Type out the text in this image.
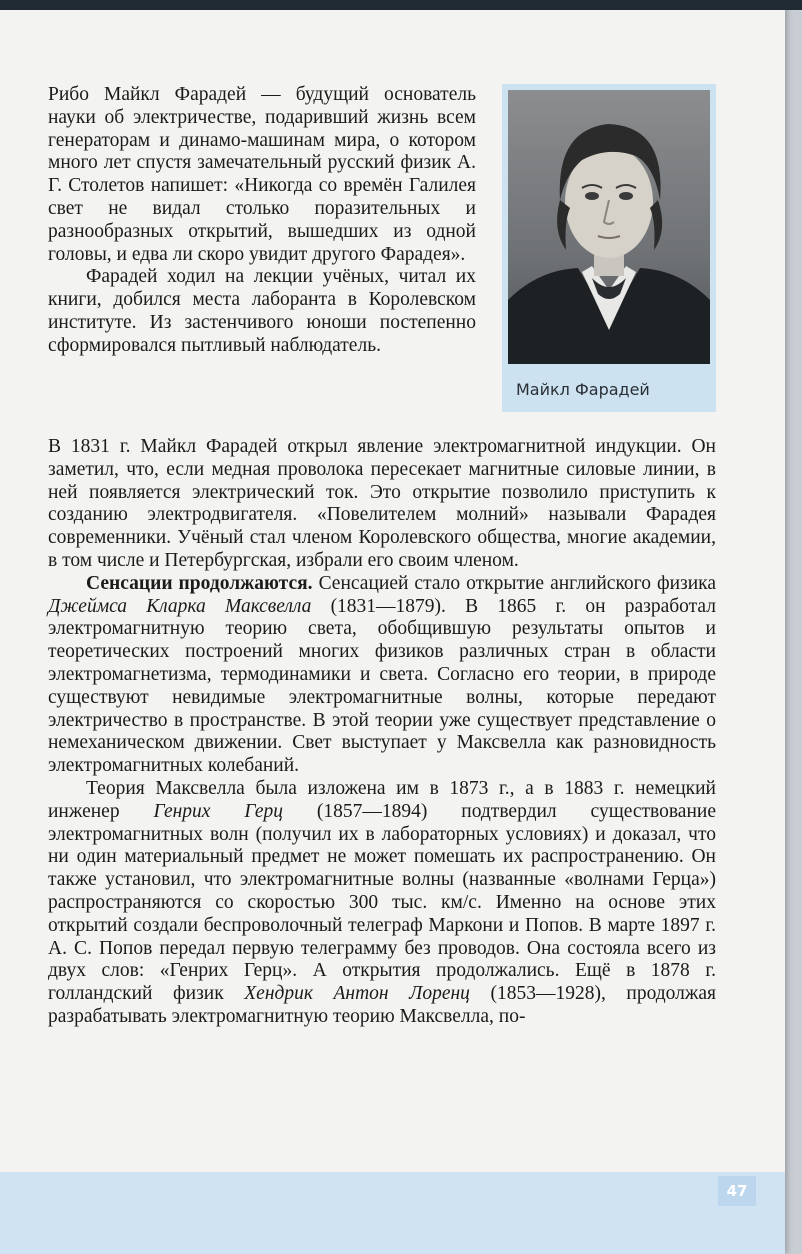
Майкл Фарадей

Рибо Майкл Фарадей — будущий основатель науки об электричестве, подаривший жизнь всем генераторам и динамо-машинам мира, о котором много лет спустя замечательный русский физик А. Г. Столетов напишет: «Никогда со времён Галилея свет не видал столько поразительных и разнообразных открытий, вышедших из одной головы, и едва ли скоро увидит другого Фарадея».

Фарадей ходил на лекции учёных, читал их книги, добился места лаборанта в Королевском институте. Из застенчивого юноши постепенно сформировался пытливый наблюдатель.

В 1831 г. Майкл Фарадей открыл явление электромагнитной индукции. Он заметил, что, если медная проволока пересекает магнитные силовые линии, в ней появляется электрический ток. Это открытие позволило приступить к созданию электродвигателя. «Повелителем молний» называли Фарадея современники. Учёный стал членом Королевского общества, многие академии, в том числе и Петербургская, избрали его своим членом.

Сенсации продолжаются. Сенсацией стало открытие английского физика Джеймса Кларка Максвелла (1831—1879). В 1865 г. он разработал электромагнитную теорию света, обобщившую результаты опытов и теоретических построений многих физиков различных стран в области электромагнетизма, термодинамики и света. Согласно его теории, в природе существуют невидимые электромагнитные волны, которые передают электричество в пространстве. В этой теории уже существует представление о немеханическом движении. Свет выступает у Максвелла как разновидность электромагнитных колебаний.

Теория Максвелла была изложена им в 1873 г., а в 1883 г. немецкий инженер Генрих Герц (1857—1894) подтвердил существование электромагнитных волн (получил их в лабораторных условиях) и доказал, что ни один материальный предмет не может помешать их распространению. Он также установил, что электромагнитные волны (названные «волнами Герца») распространяются со скоростью 300 тыс. км/с. Именно на основе этих открытий создали беспроволочный телеграф Маркони и Попов. В марте 1897 г. А. С. Попов передал первую телеграмму без проводов. Она состояла всего из двух слов: «Генрих Герц». А открытия продолжались. Ещё в 1878 г. голландский физик Хендрик Антон Лоренц (1853—1928), продолжая разрабатывать электромагнитную теорию Максвелла, по-

47
